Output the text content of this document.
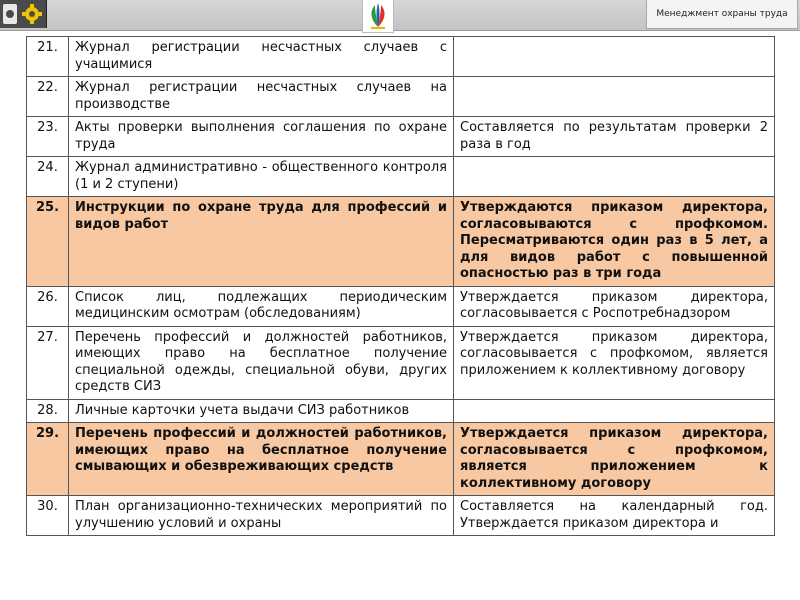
Менеджмент охраны труда
21.	Журнал регистрации несчастных случаев с учащимися	
22.	Журнал регистрации несчастных случаев на производстве	
23.	Акты проверки выполнения соглашения по охране труда	Составляется по результатам проверки 2 раза в год
24.	Журнал административно - общественного контроля (1 и 2 ступени)	
25.	Инструкции по охране труда для профессий и видов работ	Утверждаются приказом директора, согласовываются с профкомом. Пересматриваются один раз в 5 лет, а для видов работ с повышенной опасностью раз в три года
26.	Список лиц, подлежащих периодическим медицинским осмотрам (обследованиям)	Утверждается приказом директора, согласовывается с Роспотребнадзором
27.	Перечень профессий и должностей работников, имеющих право на бесплатное получение специальной одежды, специальной обуви, других средств СИЗ	Утверждается приказом директора, согласовывается с профкомом, является приложением к коллективному договору
28.	Личные карточки учета выдачи СИЗ работников	
29.	Перечень профессий и должностей работников, имеющих право на бесплатное получение смывающих и обезвреживающих средств	Утверждается приказом директора, согласовывается с профкомом, является приложением к коллективному договору
30.	План организационно-технических мероприятий по улучшению условий и охраны	Составляется на календарный год. Утверждается приказом директора и
